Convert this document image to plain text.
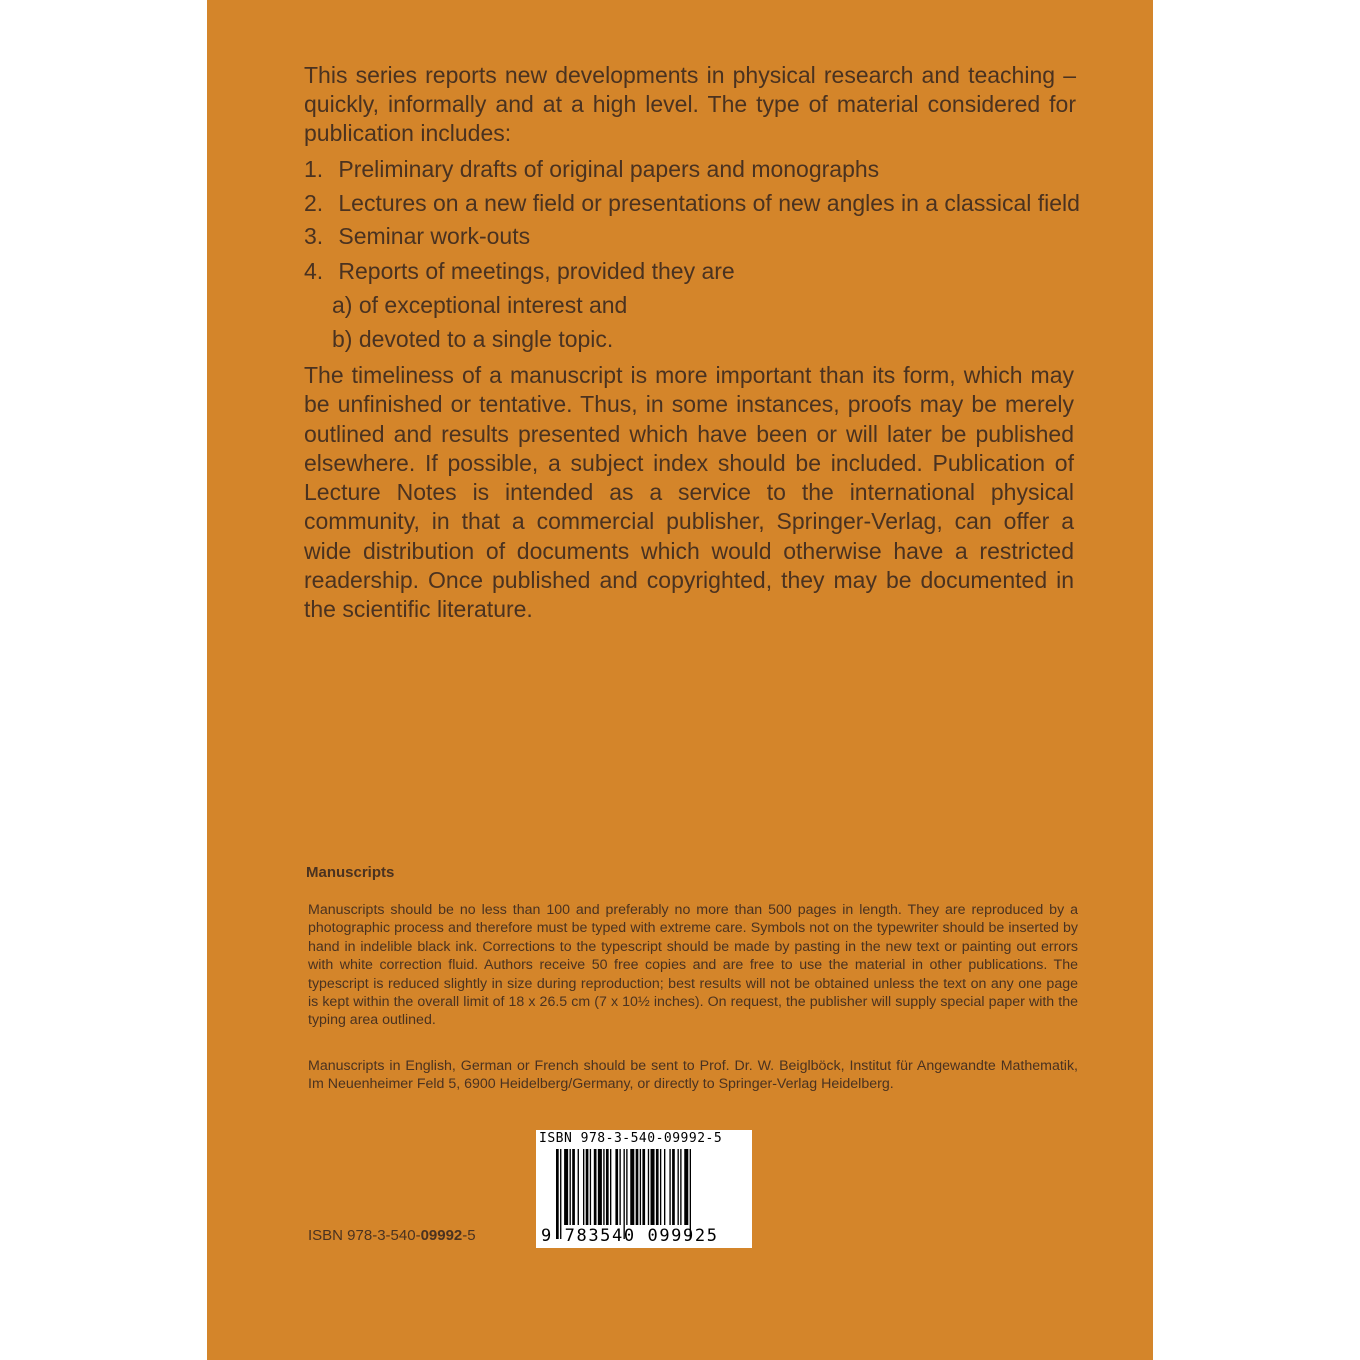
This series reports new developments in physical research and teaching – quickly, informally and at a high level. The type of material considered for publication includes:

1. Preliminary drafts of original papers and monographs
2. Lectures on a new field or presentations of new angles in a classical field
3. Seminar work-outs
4. Reports of meetings, provided they are
a) of exceptional interest and
b) devoted to a single topic.

The timeliness of a manuscript is more important than its form, which may be unfinished or tentative. Thus, in some instances, proofs may be merely outlined and results presented which have been or will later be published elsewhere. If possible, a subject index should be included. Publication of Lecture Notes is intended as a service to the international physical community, in that a commercial publisher, Springer-Verlag, can offer a wide distribution of documents which would otherwise have a restricted readership. Once published and copyrighted, they may be documented in the scientific literature.

Manuscripts

Manuscripts should be no less than 100 and preferably no more than 500 pages in length. They are reproduced by a photographic process and therefore must be typed with extreme care. Symbols not on the typewriter should be inserted by hand in indelible black ink. Corrections to the typescript should be made by pasting in the new text or painting out errors with white correction fluid. Authors receive 50 free copies and are free to use the material in other publications. The typescript is reduced slightly in size during reproduction; best results will not be obtained unless the text on any one page is kept within the overall limit of 18 x 26.5 cm (7 x 10½ inches). On request, the publisher will supply special paper with the typing area outlined.

Manuscripts in English, German or French should be sent to Prof. Dr. W. Beiglböck, Institut für Angewandte Mathematik, Im Neuenheimer Feld 5, 6900 Heidelberg/Germany, or directly to Springer-Verlag Heidelberg.

ISBN 978-3-540-09992-5
ISBN 978-3-540-09992-5
9 783540 099925
